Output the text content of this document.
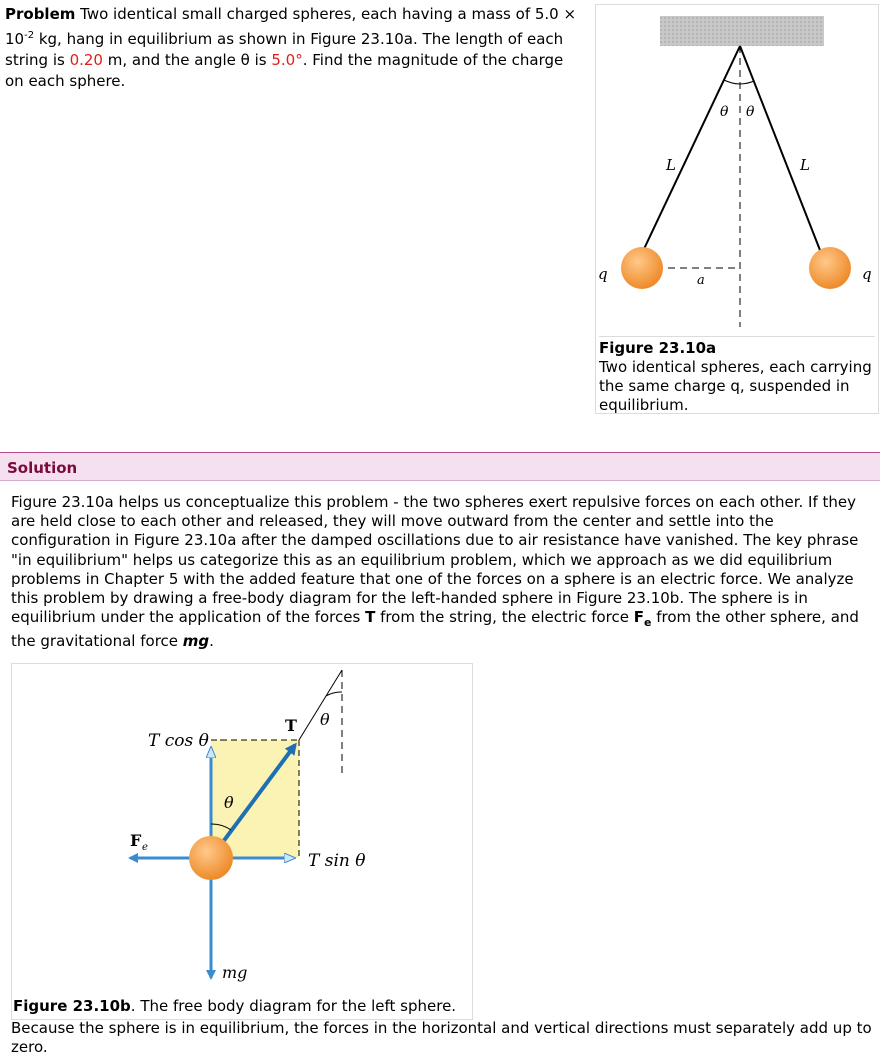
Problem Two identical small charged spheres, each having a mass of $5.0 \times 10^{-2}$ kg, hang in equilibrium as shown in Figure 23.10a. The length of each string is 0.20 m, and the angle θ is 5.0°. Find the magnitude of the charge on each sphere.
θ θ
L	L
q	q
a
Figure 23.10a
Two identical spheres, each carrying the same charge q, suspended in equilibrium.
Solution
Figure 23.10a helps us conceptualize this problem - the two spheres exert repulsive forces on each other. If they are held close to each other and released, they will move outward from the center and settle into the configuration in Figure 23.10a after the damped oscillations due to air resistance have vanished. The key phrase "in equilibrium" helps us categorize this as an equilibrium problem, which we approach as we did equilibrium problems in Chapter 5 with the added feature that one of the forces on a sphere is an electric force. We analyze this problem by drawing a free-body diagram for the left-handed sphere in Figure 23.10b. The sphere is in equilibrium under the application of the forces T from the string, the electric force $F_e$ from the other sphere, and the gravitational force mg.
T cos θ
T sin θ
T θ
θ
F e
mg
Figure 23.10b. The free body diagram for the left sphere.
Because the sphere is in equilibrium, the forces in the horizontal and vertical directions must separately add up to zero.
